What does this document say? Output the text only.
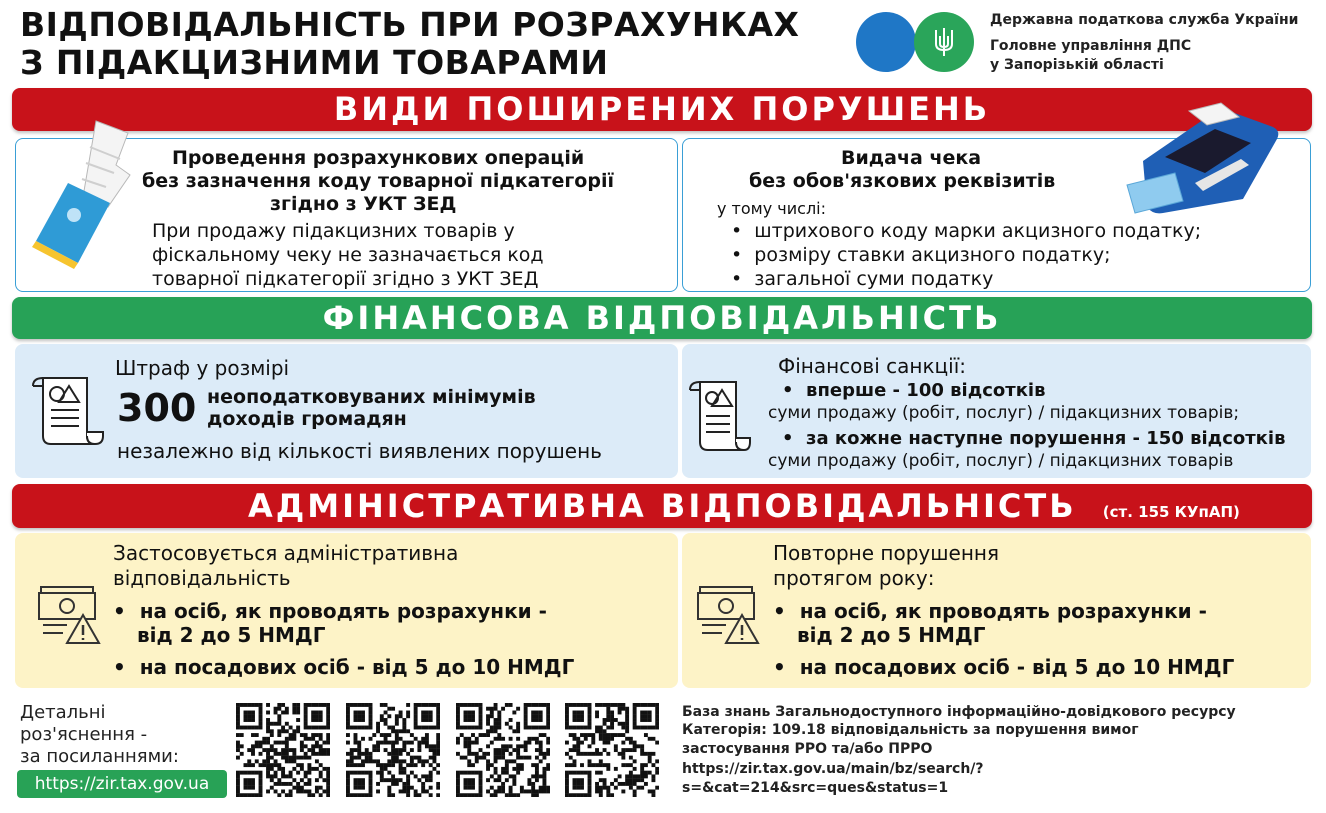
ВІДПОВІДАЛЬНІСТЬ ПРИ РОЗРАХУНКАХ
З ПІДАКЦИЗНИМИ ТОВАРАМИ
Державна податкова служба України
Головне управління ДПС
у Запорізькій області
ВИДИ ПОШИРЕНИХ ПОРУШЕНЬ
Проведення розрахункових операцій
без зазначення коду товарної підкатегорії
згідно з УКТ ЗЕД
При продажу підакцизних товарів у
фіскальному чеку не зазначається код
товарної підкатегорії згідно з УКТ ЗЕД
Видача чека
без обов'язкових реквізитів
у тому числі:
•  штрихового коду марки акцизного податку;
•  розміру ставки акцизного податку;
•  загальної суми податку
ФІНАНСОВА ВІДПОВІДАЛЬНІСТЬ
Штраф у розмірі
300 неоподатковуваних мінімумів
доходів громадян
незалежно від кількості виявлених порушень
Фінансові санкції:
•  вперше - 100 відсотків
суми продажу (робіт, послуг) / підакцизних товарів;
•  за кожне наступне порушення - 150 відсотків
суми продажу (робіт, послуг) / підакцизних товарів
АДМІНІСТРАТИВНА ВІДПОВІДАЛЬНІСТЬ (ст. 155 КУпАП)
Застосовується адміністративна
відповідальність
•  на осіб, як проводять розрахунки -
від 2 до 5 НМДГ
•  на посадових осіб - від 5 до 10 НМДГ
Повторне порушення
протягом року:
•  на осіб, як проводять розрахунки -
від 2 до 5 НМДГ
•  на посадових осіб - від 5 до 10 НМДГ
Детальні
роз'яснення -
за посиланнями:
https://zir.tax.gov.ua
База знань Загальнодоступного інформаційно-довідкового ресурсу
Категорія: 109.18 відповідальність за порушення вимог
застосування РРО та/або ПРРО
https://zir.tax.gov.ua/main/bz/search/?
s=&cat=214&src=ques&status=1
